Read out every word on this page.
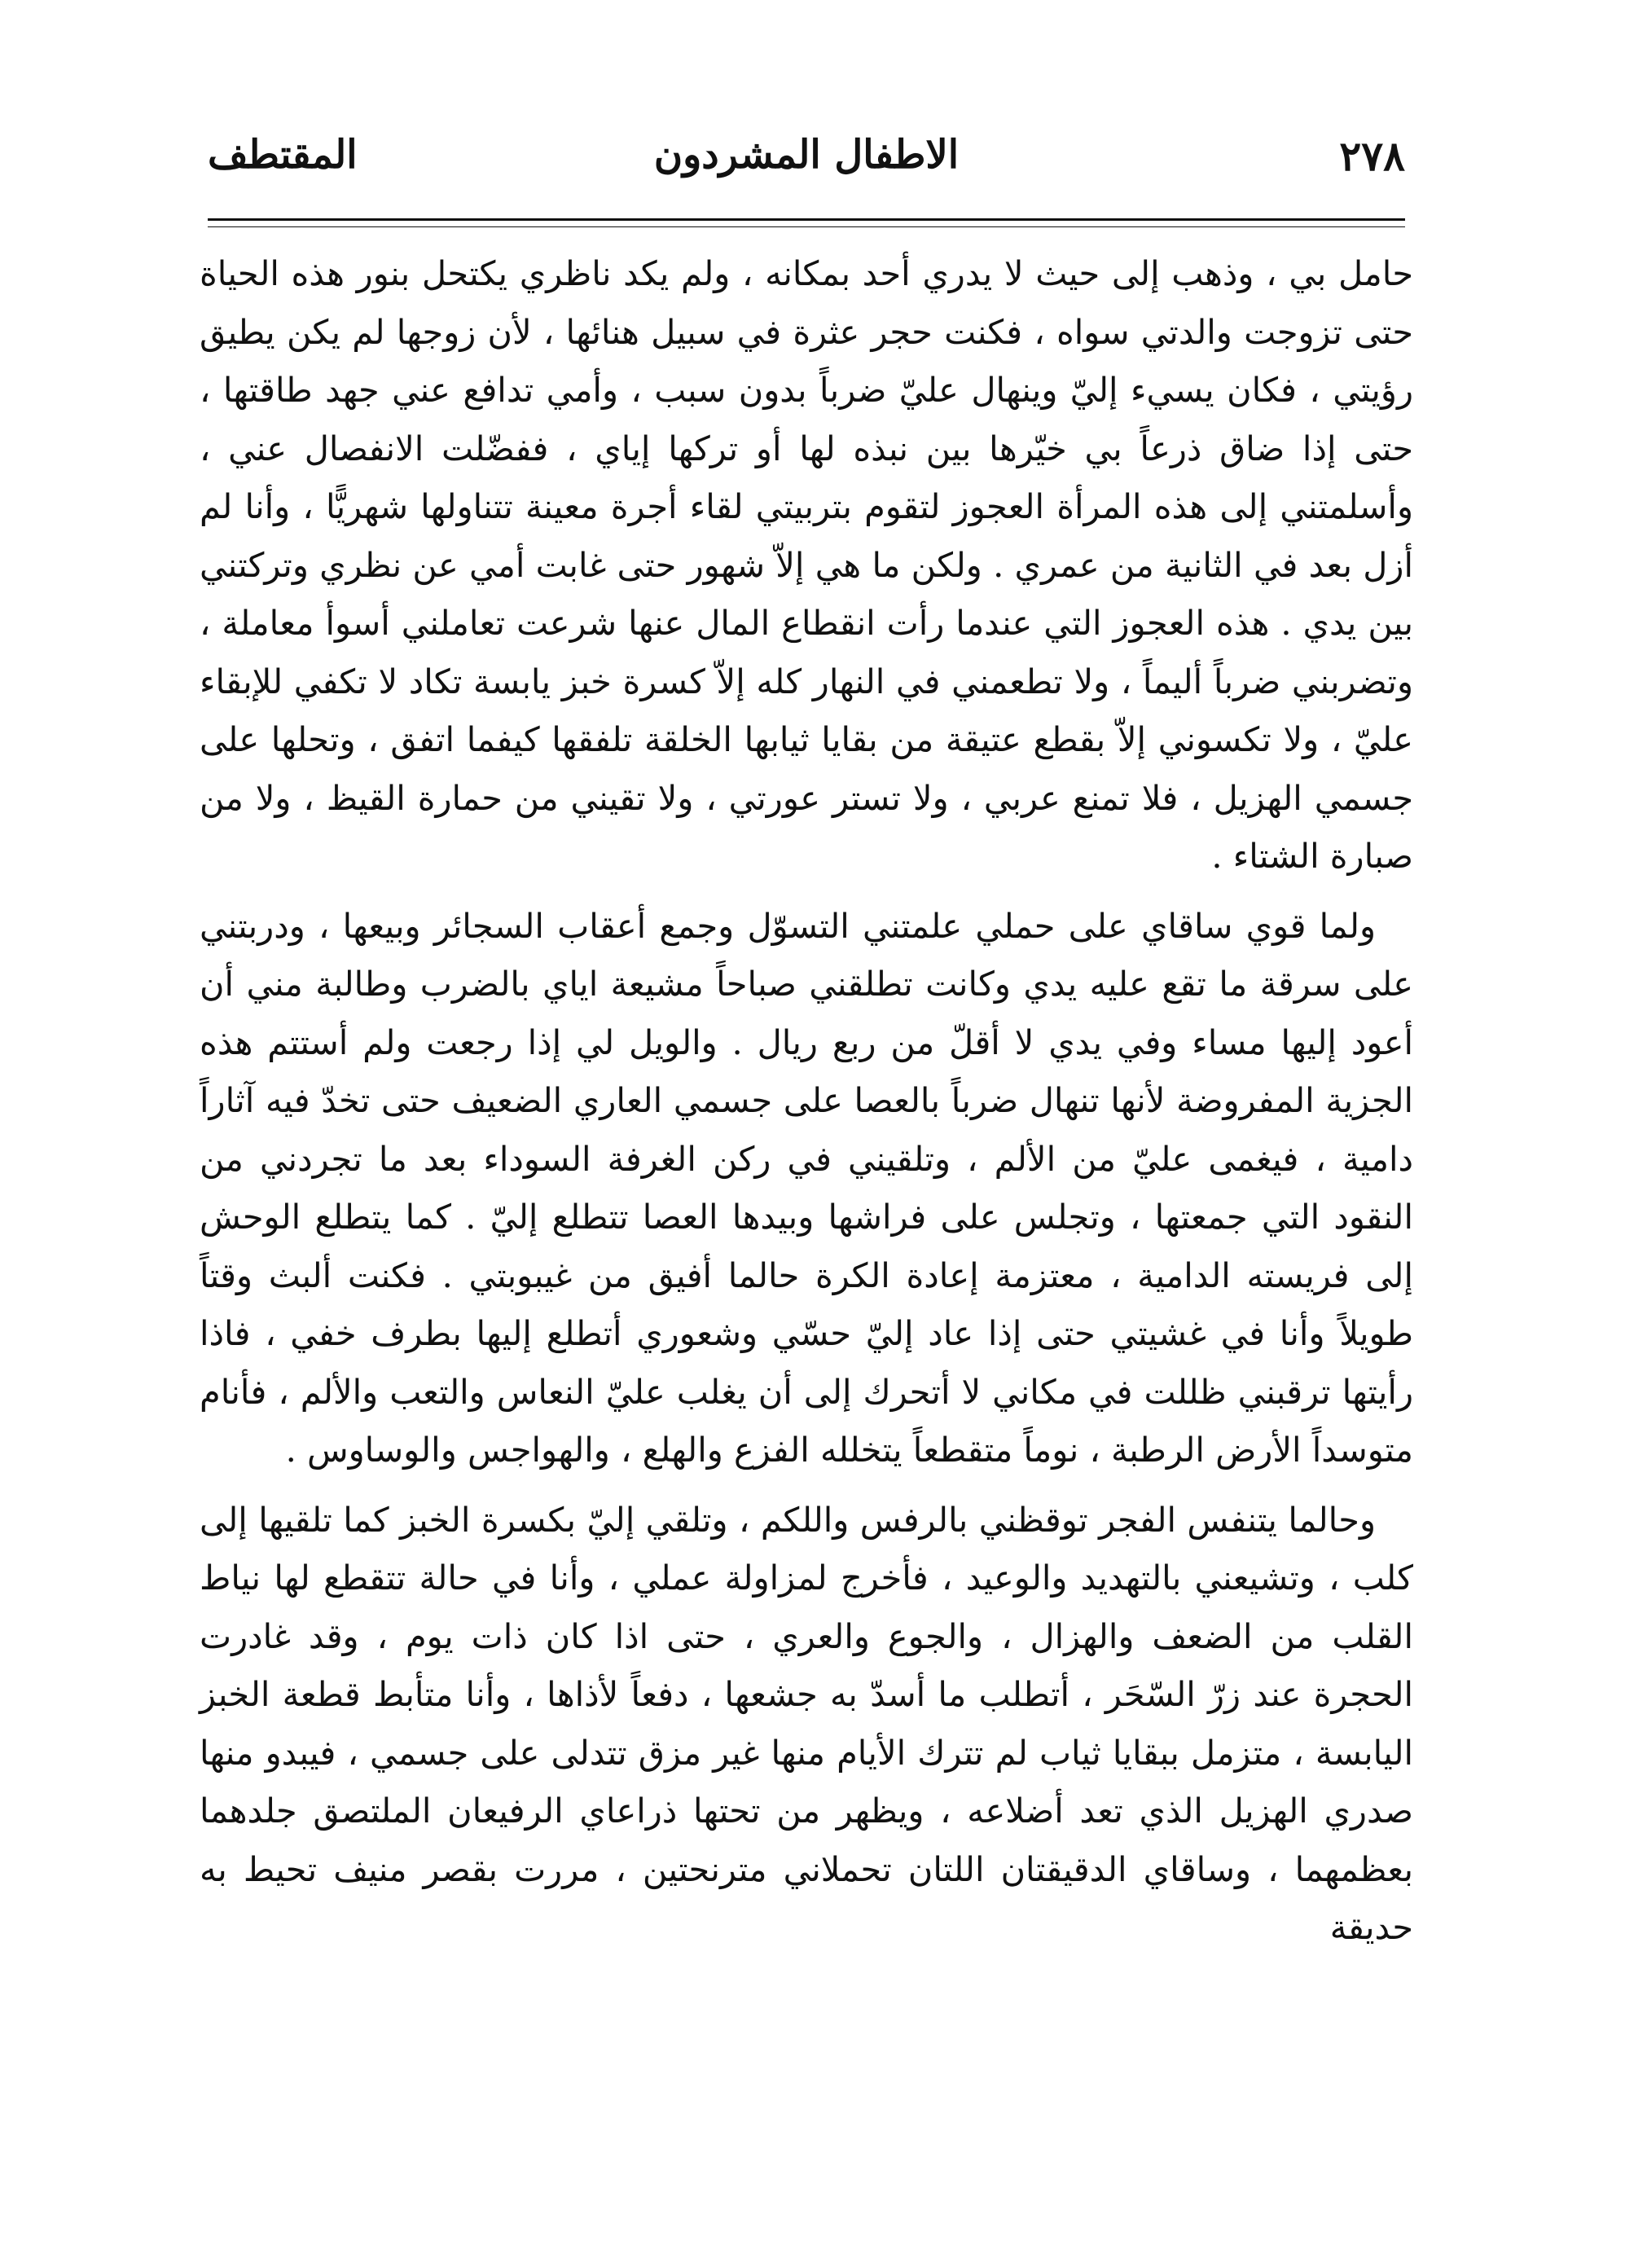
٢٧٨
الاطفال المشردون
المقتطف

حامل بي ، وذهب إلى حيث لا يدري أحد بمكانه ، ولم يكد ناظري يكتحل بنور هذه الحياة حتى تزوجت والدتي سواه ، فكنت حجر عثرة في سبيل هنائها ، لأن زوجها لم يكن يطيق رؤيتي ، فكان يسيء إليّ وينهال عليّ ضرباً بدون سبب ، وأمي تدافع عني جهد طاقتها ، حتى إذا ضاق ذرعاً بي خيّرها بين نبذه لها أو تركها إياي ، ففضّلت الانفصال عني ، وأسلمتني إلى هذه المرأة العجوز لتقوم بتربيتي لقاء أجرة معينة تتناولها شهريًّا ، وأنا لم أزل بعد في الثانية من عمري . ولكن ما هي إلاّ شهور حتى غابت أمي عن نظري وتركتني بين يدي . هذه العجوز التي عندما رأت انقطاع المال عنها شرعت تعاملني أسوأ معاملة ، وتضربني ضرباً أليماً ، ولا تطعمني في النهار كله إلاّ كسرة خبز يابسة تكاد لا تكفي للإبقاء عليّ ، ولا تكسوني إلاّ بقطع عتيقة من بقايا ثيابها الخلقة تلفقها كيفما اتفق ، وتحلها على جسمي الهزيل ، فلا تمنع عربي ، ولا تستر عورتي ، ولا تقيني من حمارة القيظ ، ولا من صبارة الشتاء .

ولما قوي ساقاي على حملي علمتني التسوّل وجمع أعقاب السجائر وبيعها ، ودربتني على سرقة ما تقع عليه يدي وكانت تطلقني صباحاً مشيعة اياي بالضرب وطالبة مني أن أعود إليها مساء وفي يدي لا أقلّ من ربع ريال . والويل لي إذا رجعت ولم أستتم هذه الجزية المفروضة لأنها تنهال ضرباً بالعصا على جسمي العاري الضعيف حتى تخدّ فيه آثاراً دامية ، فيغمى عليّ من الألم ، وتلقيني في ركن الغرفة السوداء بعد ما تجردني من النقود التي جمعتها ، وتجلس على فراشها وبيدها العصا تتطلع إليّ . كما يتطلع الوحش إلى فريسته الدامية ، معتزمة إعادة الكرة حالما أفيق من غيبوبتي . فكنت ألبث وقتاً طويلاً وأنا في غشيتي حتى إذا عاد إليّ حسّي وشعوري أتطلع إليها بطرف خفي ، فاذا رأيتها ترقبني ظللت في مكاني لا أتحرك إلى أن يغلب عليّ النعاس والتعب والألم ، فأنام متوسداً الأرض الرطبة ، نوماً متقطعاً يتخلله الفزع والهلع ، والهواجس والوساوس .

وحالما يتنفس الفجر توقظني بالرفس واللكم ، وتلقي إليّ بكسرة الخبز كما تلقيها إلى كلب ، وتشيعني بالتهديد والوعيد ، فأخرج لمزاولة عملي ، وأنا في حالة تتقطع لها نياط القلب من الضعف والهزال ، والجوع والعري ، حتى اذا كان ذات يوم ، وقد غادرت الحجرة عند زرّ السّحَر ، أتطلب ما أسدّ به جشعها ، دفعاً لأذاها ، وأنا متأبط قطعة الخبز اليابسة ، متزمل ببقايا ثياب لم تترك الأيام منها غير مزق تتدلى على جسمي ، فيبدو منها صدري الهزيل الذي تعد أضلاعه ، ويظهر من تحتها ذراعاي الرفيعان الملتصق جلدهما بعظمهما ، وساقاي الدقيقتان اللتان تحملاني مترنحتين ، مررت بقصر منيف تحيط به حديقة
